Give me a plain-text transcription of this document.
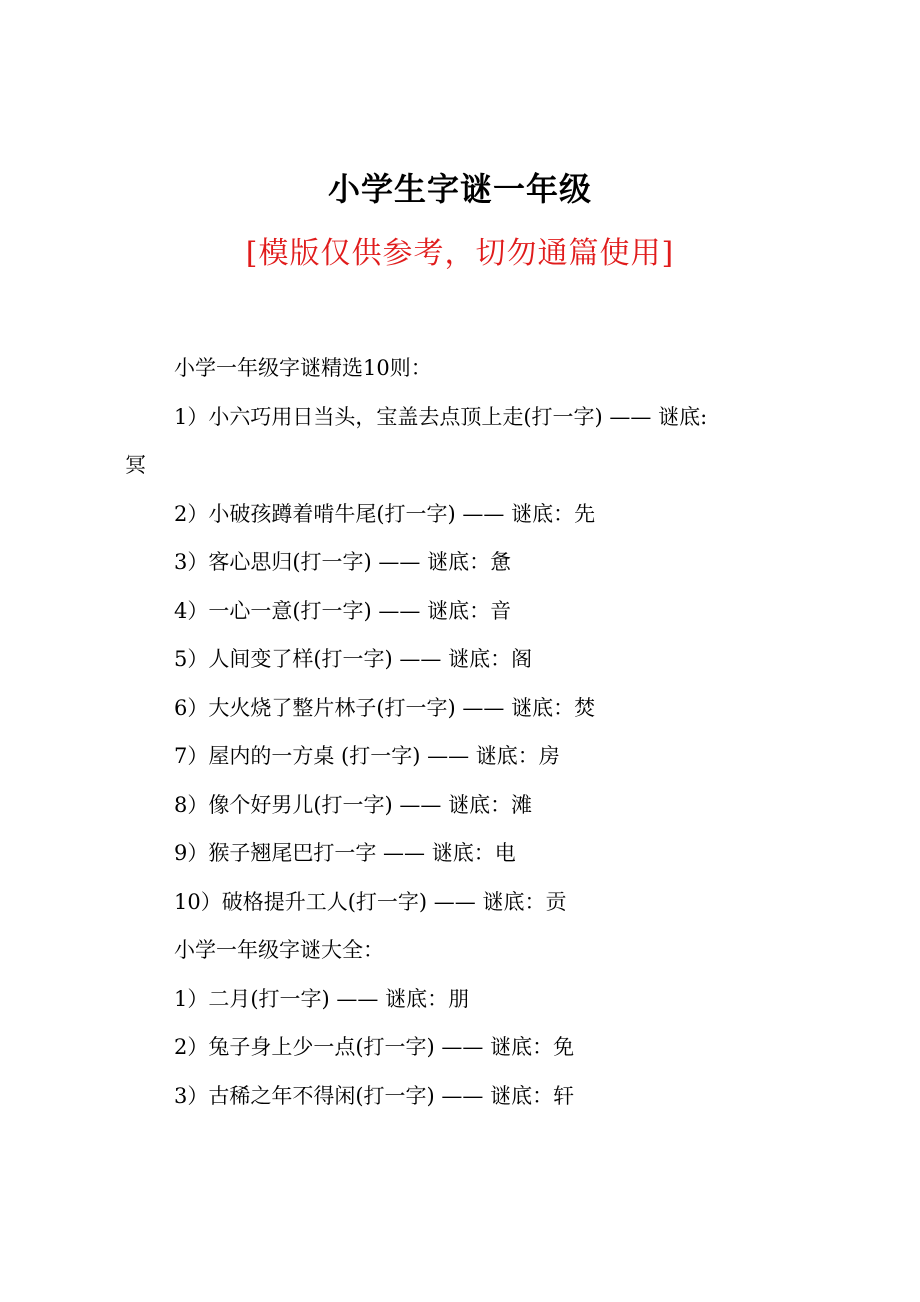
小学生字谜一年级
[模版仅供参考，切勿通篇使用]
小学一年级字谜精选10则：
1）小六巧用日当头，宝盖去点顶上走(打一字) —— 谜底:
冥
2）小破孩蹲着啃牛尾(打一字) —— 谜底：先
3）客心思归(打一字) —— 谜底：惫
4）一心一意(打一字) —— 谜底：音
5）人间变了样(打一字) —— 谜底：阁
6）大火烧了整片林子(打一字) —— 谜底：焚
7）屋内的一方桌 (打一字) —— 谜底：房
8）像个好男儿(打一字) —— 谜底：滩
9）猴子翘尾巴打一字 —— 谜底：电
10）破格提升工人(打一字) —— 谜底：贡
小学一年级字谜大全：
1）二月(打一字) —— 谜底：朋
2）兔子身上少一点(打一字) —— 谜底：免
3）古稀之年不得闲(打一字) —— 谜底：轩
